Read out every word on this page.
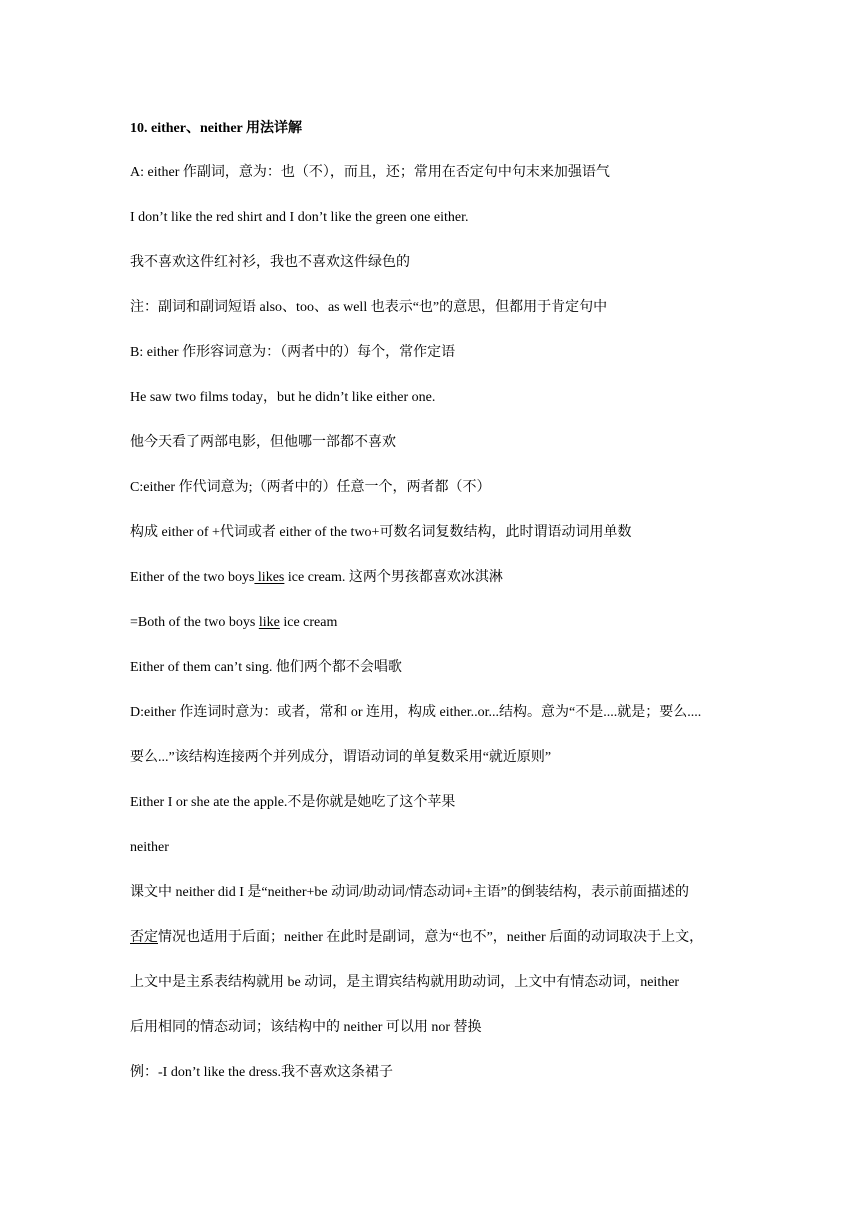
10. either、neither 用法详解
A: either 作副词，意为：也（不），而且，还；常用在否定句中句末来加强语气
I don’t like the red shirt and I don’t like the green one either.
我不喜欢这件红衬衫，我也不喜欢这件绿色的
注：副词和副词短语 also、too、as well 也表示“也”的意思，但都用于肯定句中
B: either 作形容词意为：（两者中的）每个，常作定语
He saw two films today，but he didn’t like either one.
他今天看了两部电影，但他哪一部都不喜欢
C:either 作代词意为;（两者中的）任意一个，两者都（不）
构成 either of +代词或者 either of the two+可数名词复数结构，此时谓语动词用单数
Either of the two boys likes ice cream. 这两个男孩都喜欢冰淇淋
=Both of the two boys like ice cream
Either of them can’t sing. 他们两个都不会唱歌
D:either 作连词时意为：或者，常和 or 连用，构成 either..or...结构。意为“不是....就是；要么....
要么...”该结构连接两个并列成分，谓语动词的单复数采用“就近原则”
Either I or she ate the apple.不是你就是她吃了这个苹果
neither
课文中 neither did I 是“neither+be 动词/助动词/情态动词+主语”的倒装结构，表示前面描述的
否定情况也适用于后面；neither 在此时是副词，意为“也不”，neither 后面的动词取决于上文，
上文中是主系表结构就用 be 动词，是主谓宾结构就用助动词，上文中有情态动词，neither
后用相同的情态动词；该结构中的 neither 可以用 nor 替换
例：-I don’t like the dress.我不喜欢这条裙子
